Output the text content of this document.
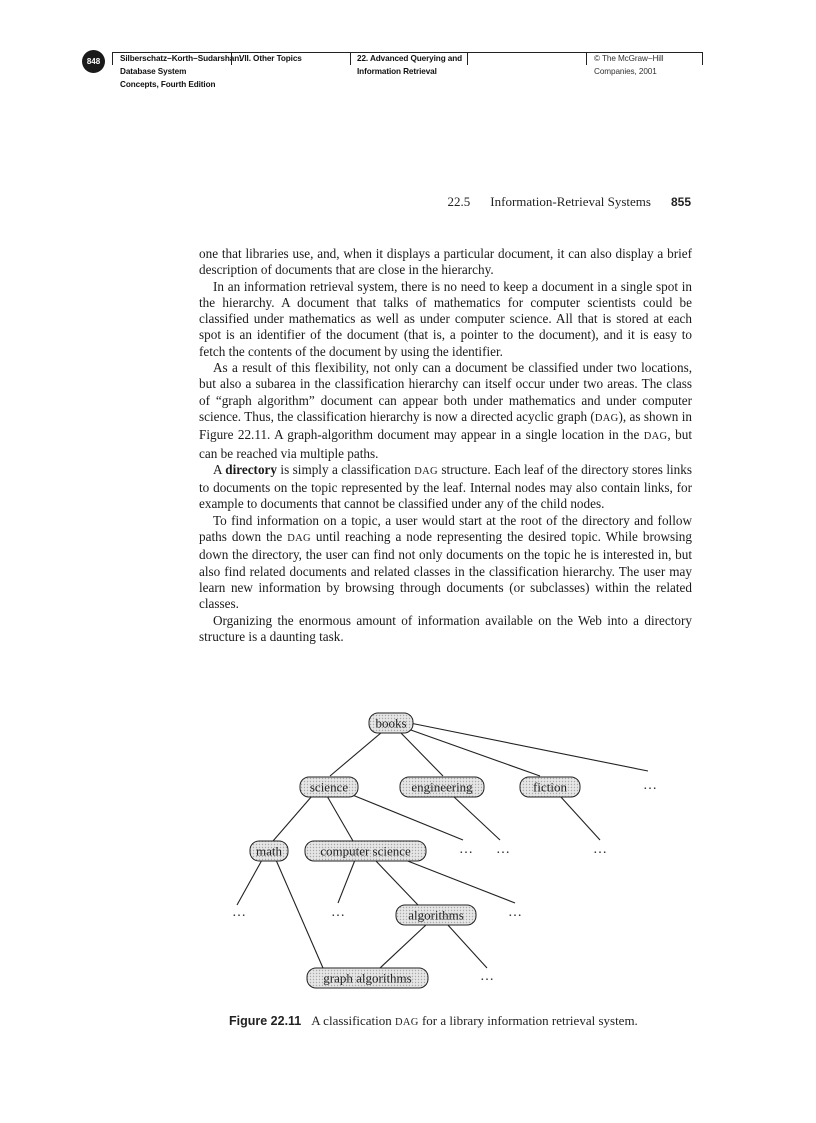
848	Silberschatz−Korth−Sudarshan:
Database System
Concepts, Fourth Edition
VII. Other Topics	22. Advanced Querying and
Information Retrieval
© The McGraw−Hill
Companies, 2001
22.5 Information-Retrieval Systems 855

one that libraries use, and, when it displays a particular document, it can also display a brief description of documents that are close in the hierarchy.

In an information retrieval system, there is no need to keep a document in a single spot in the hierarchy. A document that talks of mathematics for computer scientists could be classified under mathematics as well as under computer science. All that is stored at each spot is an identifier of the document (that is, a pointer to the document), and it is easy to fetch the contents of the document by using the identifier.

As a result of this flexibility, not only can a document be classified under two locations, but also a subarea in the classification hierarchy can itself occur under two areas. The class of “graph algorithm” document can appear both under mathematics and under computer science. Thus, the classification hierarchy is now a directed acyclic graph (DAG), as shown in Figure 22.11. A graph-algorithm document may appear in a single location in the DAG, but can be reached via multiple paths.

A directory is simply a classification DAG structure. Each leaf of the directory stores links to documents on the topic represented by the leaf. Internal nodes may also contain links, for example to documents that cannot be classified under any of the child nodes.

To find information on a topic, a user would start at the root of the directory and follow paths down the DAG until reaching a node representing the desired topic. While browsing down the directory, the user can find not only documents on the topic he is interested in, but also find related documents and related classes in the classification hierarchy. The user may learn new information by browsing through documents (or subclasses) within the related classes.

Organizing the enormous amount of information available on the Web into a directory structure is a daunting task.

books
science	engineering	fiction
math	computer science
algorithms
graph algorithms
…
… …	…
…	…	…
…
Figure 22.11 A classification DAG for a library information retrieval system.
